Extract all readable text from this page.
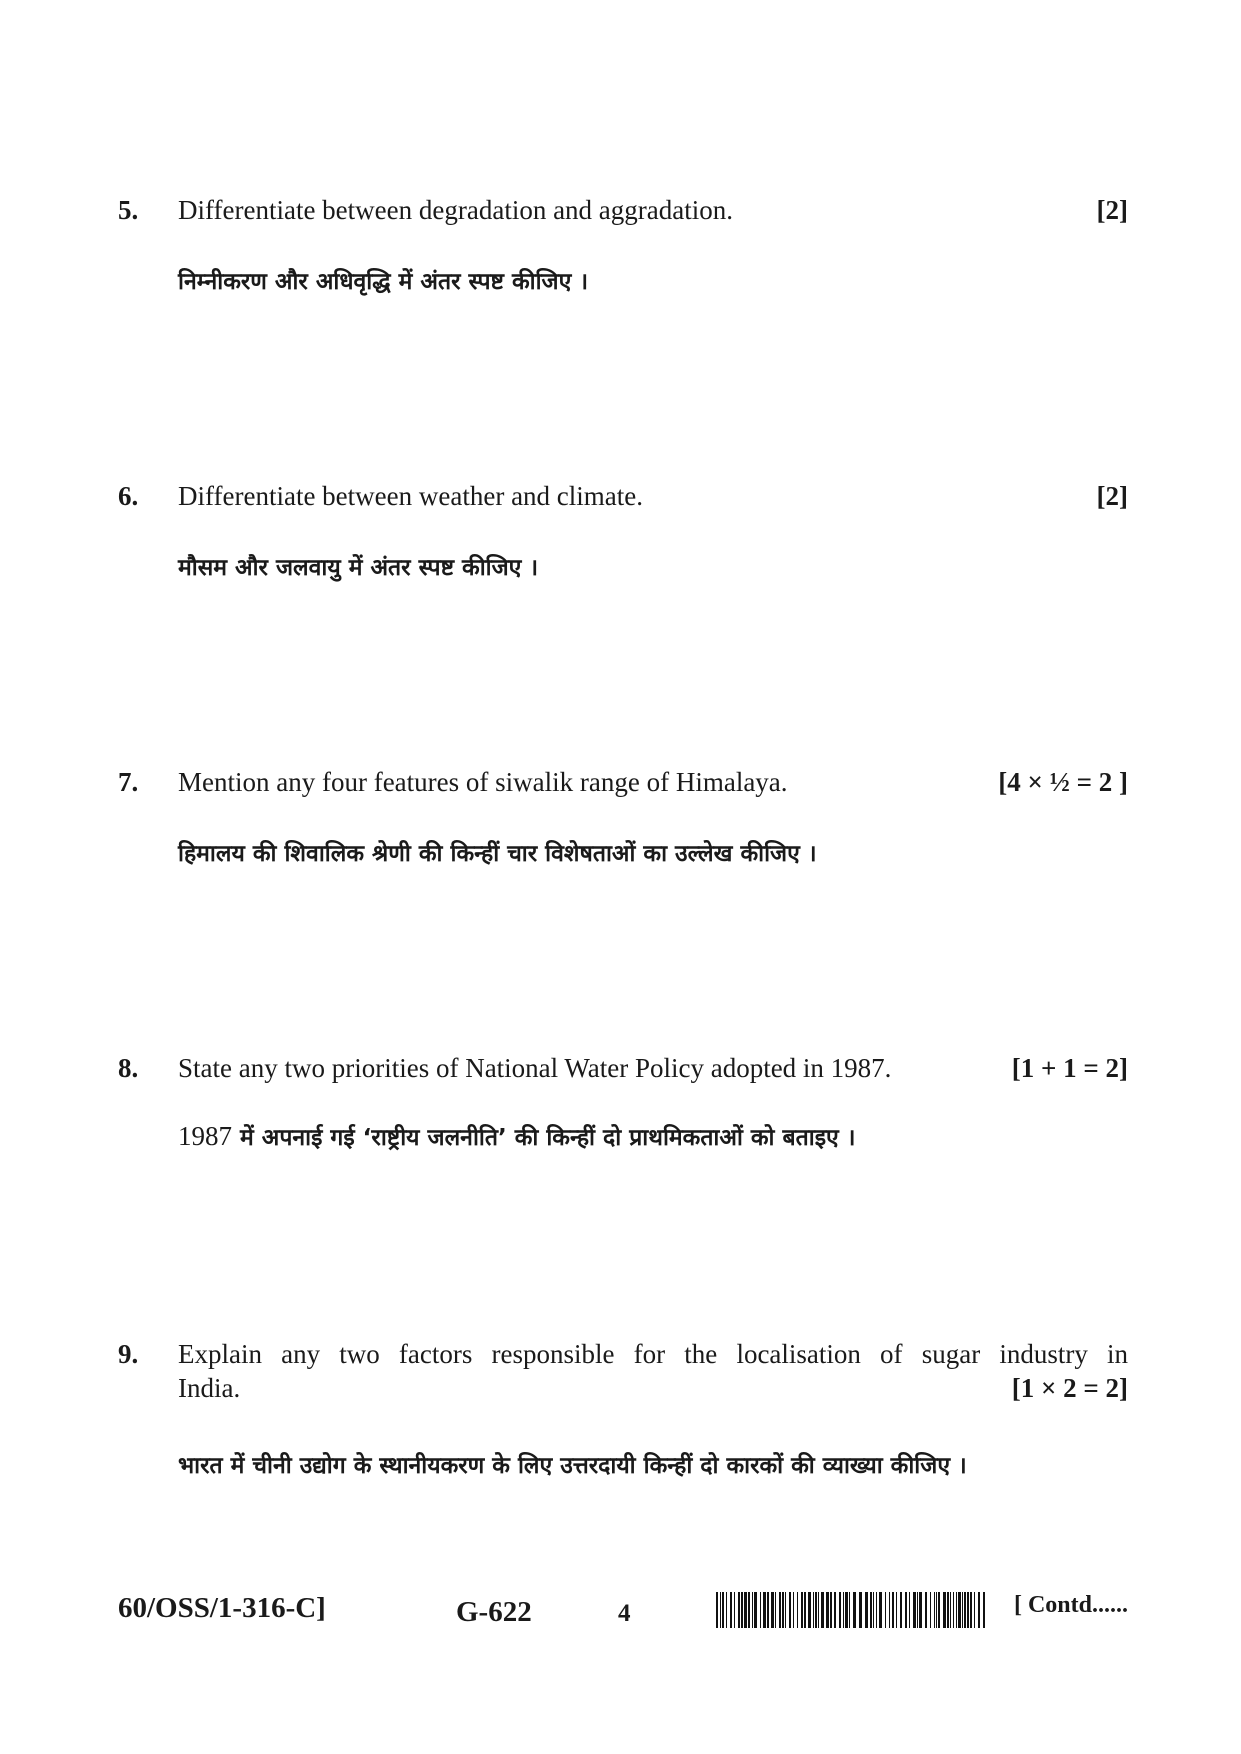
5. Differentiate between degradation and aggradation.	[2]
निम्नीकरण और अधिवृद्धि में अंतर स्पष्ट कीजिए ।
6. Differentiate between weather and climate.	[2]
मौसम और जलवायु में अंतर स्पष्ट कीजिए ।
7. Mention any four features of siwalik range of Himalaya.	[4 × ½ = 2 ]
हिमालय की शिवालिक श्रेणी की किन्हीं चार विशेषताओं का उल्लेख कीजिए ।
8. State any two priorities of National Water Policy adopted in 1987.	[1 + 1 = 2]
1987 में अपनाई गई ‘राष्ट्रीय जलनीति’ की किन्हीं दो प्राथमिकताओं को बताइए ।
9. Explain any two factors responsible for the localisation of sugar industry in
India.	[1 × 2 = 2]
भारत में चीनी उद्योग के स्थानीयकरण के लिए उत्तरदायी किन्हीं दो कारकों की व्याख्या कीजिए ।
60/OSS/1-316-C]	G-622	4	[ Contd......
